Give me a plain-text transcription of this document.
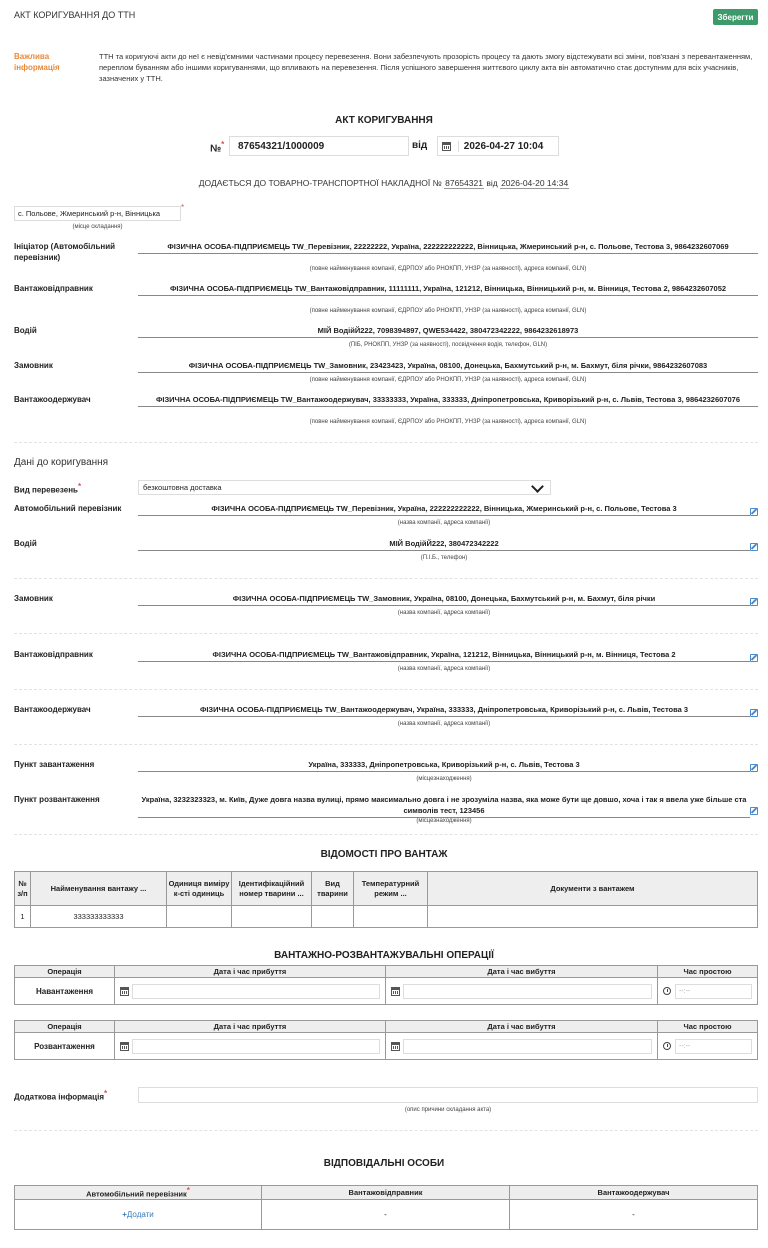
АКТ КОРИГУВАННЯ ДО ТТН	Зберегти
Важлива інформація
ТТН та коригуючі акти до неї є невід'ємними частинами процесу перевезення. Вони забезпечують прозорість процесу та дають змогу відстежувати всі зміни, пов'язані з перевантаженням, переплом буванням або іншими коригуваннями, що впливають на перевезення. Після успішного завершення життєвого циклу акта він автоматично стає доступним для всіх учасників, зазначених у ТТН.
АКТ КОРИГУВАННЯ
№*	87654321/1000009	від	2026-04-27 10:04
ДОДАЄТЬСЯ ДО ТОВАРНО-ТРАНСПОРТНОЇ НАКЛАДНОЇ № 87654321 від 2026-04-20 14:34
с. Польове, Жмеринський р-н, Вінницька
*
(місце складання)
Ініціатор (Автомобільний перевізник)
ФІЗИЧНА ОСОБА-ПІДПРИЄМЕЦЬ TW_Перевізник, 22222222, Україна, 222222222222, Вінницька, Жмеринський р-н, с. Польове, Тестова 3, 9864232607069
(повне найменування компанії, ЄДРПОУ або РНОКПП, УНЗР (за наявності), адреса компанії, GLN)
Вантажовідправник	ФІЗИЧНА ОСОБА-ПІДПРИЄМЕЦЬ TW_Вантажовідправник, 11111111, Україна, 121212, Вінницька, Вінницький р-н, м. Вінниця, Тестова 2, 9864232607052
(повне найменування компанії, ЄДРПОУ або РНОКПП, УНЗР (за наявності), адреса компанії, GLN)
Водій	МІЙ ВодійЙ222, 7098394897, QWE534422, 380472342222, 9864232618973
(ПІБ, РНОКПП, УНЗР (за наявності), посвідчення водія, телефон, GLN)
Замовник	ФІЗИЧНА ОСОБА-ПІДПРИЄМЕЦЬ TW_Замовник, 23423423, Україна, 08100, Донецька, Бахмутський р-н, м. Бахмут, біля річки, 9864232607083
(повне найменування компанії, ЄДРПОУ або РНОКПП, УНЗР (за наявності), адреса компанії, GLN)
Вантажоодержувач	ФІЗИЧНА ОСОБА-ПІДПРИЄМЕЦЬ TW_Вантажоодержувач, 33333333, Україна, 333333, Дніпропетровська, Криворізький р-н, с. Львів, Тестова 3, 9864232607076
(повне найменування компанії, ЄДРПОУ або РНОКПП, УНЗР (за наявності), адреса компанії, GLN)
Дані до коригування
Вид перевезень*	безкоштовна доставка
Автомобільний перевізник	ФІЗИЧНА ОСОБА-ПІДПРИЄМЕЦЬ TW_Перевізник, Україна, 222222222222, Вінницька, Жмеринський р-н, с. Польове, Тестова 3
(назва компанії, адреса компанії)
Водій	МІЙ ВодійЙ222, 380472342222
(П.І.Б., телефон)
Замовник	ФІЗИЧНА ОСОБА-ПІДПРИЄМЕЦЬ TW_Замовник, Україна, 08100, Донецька, Бахмутський р-н, м. Бахмут, біля річки
(назва компанії, адреса компанії)
Вантажовідправник	ФІЗИЧНА ОСОБА-ПІДПРИЄМЕЦЬ TW_Вантажовідправник, Україна, 121212, Вінницька, Вінницький р-н, м. Вінниця, Тестова 2
(назва компанії, адреса компанії)
Вантажоодержувач	ФІЗИЧНА ОСОБА-ПІДПРИЄМЕЦЬ TW_Вантажоодержувач, Україна, 333333, Дніпропетровська, Криворізький р-н, с. Львів, Тестова 3
(назва компанії, адреса компанії)
Пункт завантаження	Україна, 333333, Дніпропетровська, Криворізький р-н, с. Львів, Тестова 3
(місцезнаходження)
Пункт розвантаження	Україна, 3232323323, м. Київ, Дуже довга назва вулиці, прямо максимально довга і не зрозуміла назва, яка може бути ще довшо, хоча і так я ввела уже більше ста символів тест, 123456
(місцезнаходження)
ВІДОМОСТІ ПРО ВАНТАЖ
№ з/п	Найменування вантажу ...	Одиниця виміру к-сті одиниць	Ідентифікаційний номер тварини ...	Вид тварини	Температурний режим ...	Документи з вантажем
1	333333333333					
ВАНТАЖНО-РОЗВАНТАЖУВАЛЬНІ ОПЕРАЦІЇ
Операція	Дата і час прибуття	Дата і час вибуття	Час простою
Навантаження			--:--
Операція	Дата і час прибуття	Дата і час вибуття	Час простою
Розвантаження			--:--
Додаткова інформація*
(опис причини складання акта)
ВІДПОВІДАЛЬНІ ОСОБИ
Автомобільний перевізник*	Вантажовідправник	Вантажоодержувач
+Додати	-	-
